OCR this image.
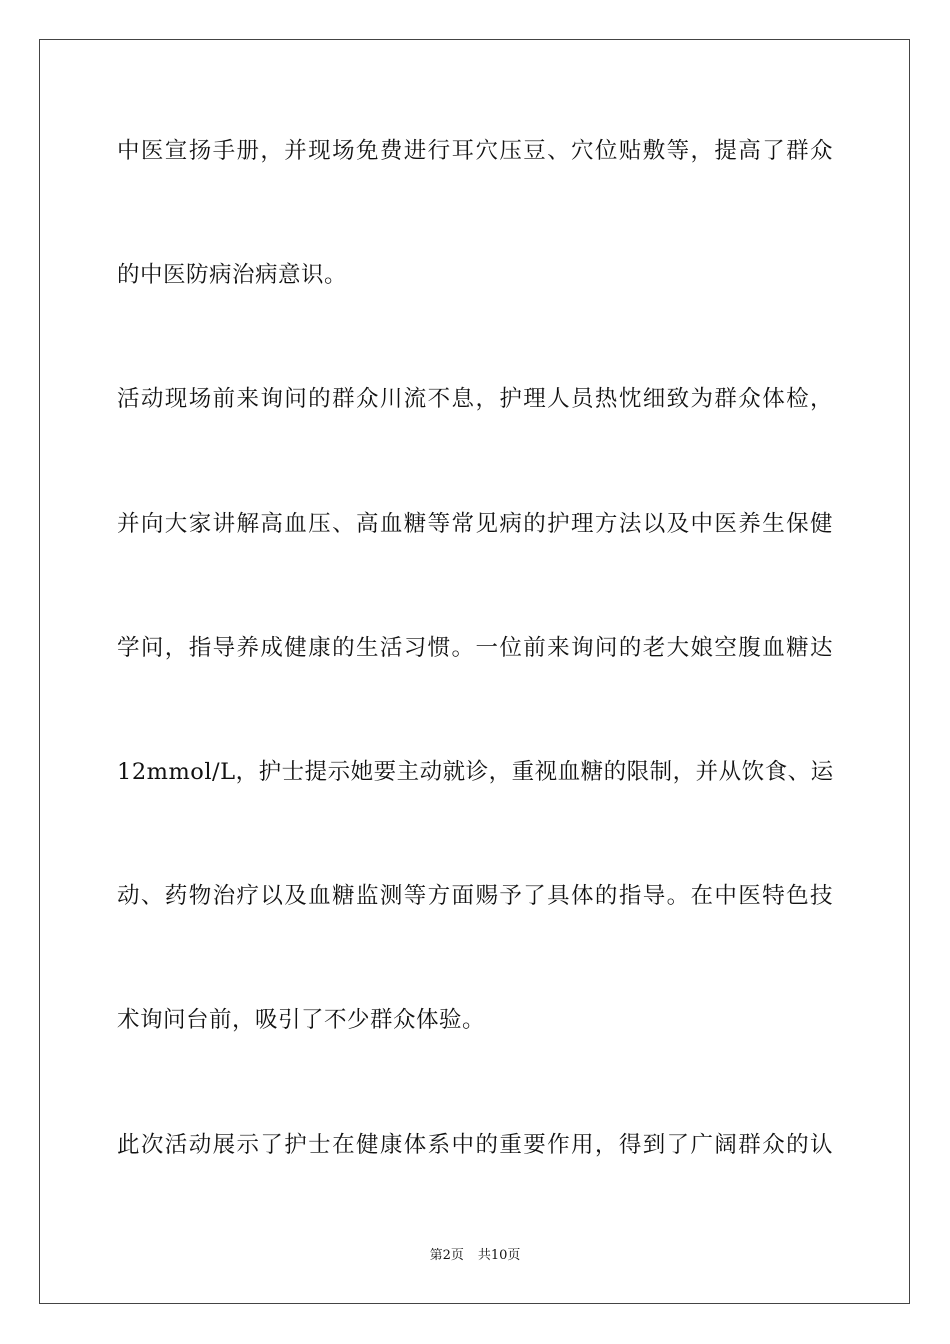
中医宣扬手册，并现场免费进行耳穴压豆、穴位贴敷等，提高了群众
的中医防病治病意识。
活动现场前来询问的群众川流不息，护理人员热忱细致为群众体检，
并向大家讲解高血压、高血糖等常见病的护理方法以及中医养生保健
学问，指导养成健康的生活习惯。一位前来询问的老大娘空腹血糖达
12mmol/L，护士提示她要主动就诊，重视血糖的限制，并从饮食、运
动、药物治疗以及血糖监测等方面赐予了具体的指导。在中医特色技
术询问台前，吸引了不少群众体验。
此次活动展示了护士在健康体系中的重要作用，得到了广阔群众的认
第2页 共10页
